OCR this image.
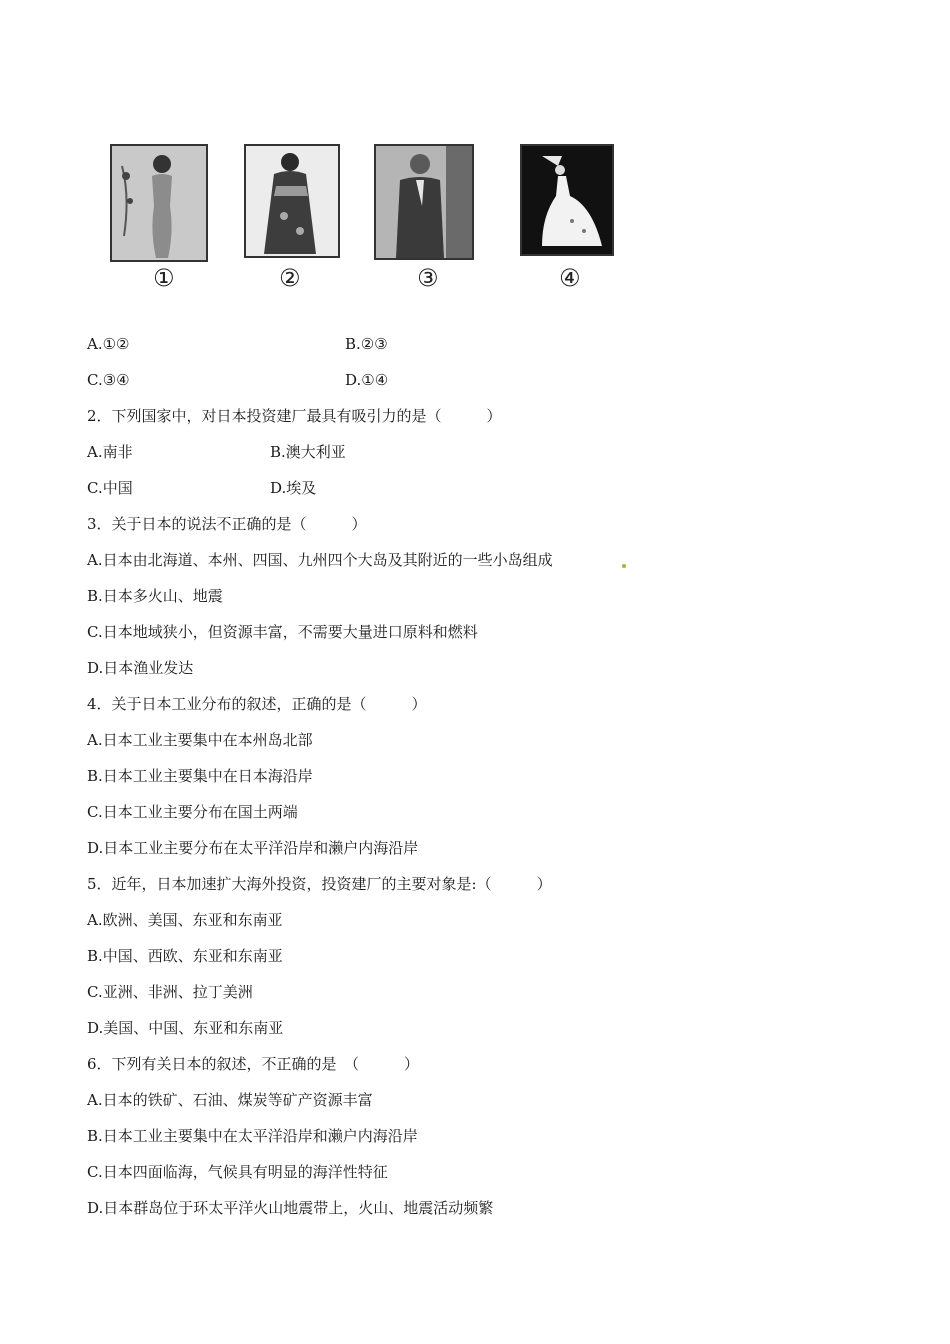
①	②	③	④
A.①②	B.②③
C.③④	D.①④
2．下列国家中，对日本投资建厂最具有吸引力的是（　　　）
A.南非	B.澳大利亚
C.中国	D.埃及
3．关于日本的说法不正确的是（　　　）
A.日本由北海道、本州、四国、九州四个大岛及其附近的一些小岛组成
B.日本多火山、地震
C.日本地域狭小，但资源丰富，不需要大量进口原料和燃料
D.日本渔业发达
4．关于日本工业分布的叙述，正确的是（　　　）
A.日本工业主要集中在本州岛北部
B.日本工业主要集中在日本海沿岸
C.日本工业主要分布在国土两端
D.日本工业主要分布在太平洋沿岸和濑户内海沿岸
5．近年，日本加速扩大海外投资，投资建厂的主要对象是:（　　　）
A.欧洲、美国、东亚和东南亚
B.中国、西欧、东亚和东南亚
C.亚洲、非洲、拉丁美洲
D.美国、中国、东亚和东南亚
6．下列有关日本的叙述，不正确的是　（　　　）
A.日本的铁矿、石油、煤炭等矿产资源丰富
B.日本工业主要集中在太平洋沿岸和濑户内海沿岸
C.日本四面临海，气候具有明显的海洋性特征
D.日本群岛位于环太平洋火山地震带上，火山、地震活动频繁
